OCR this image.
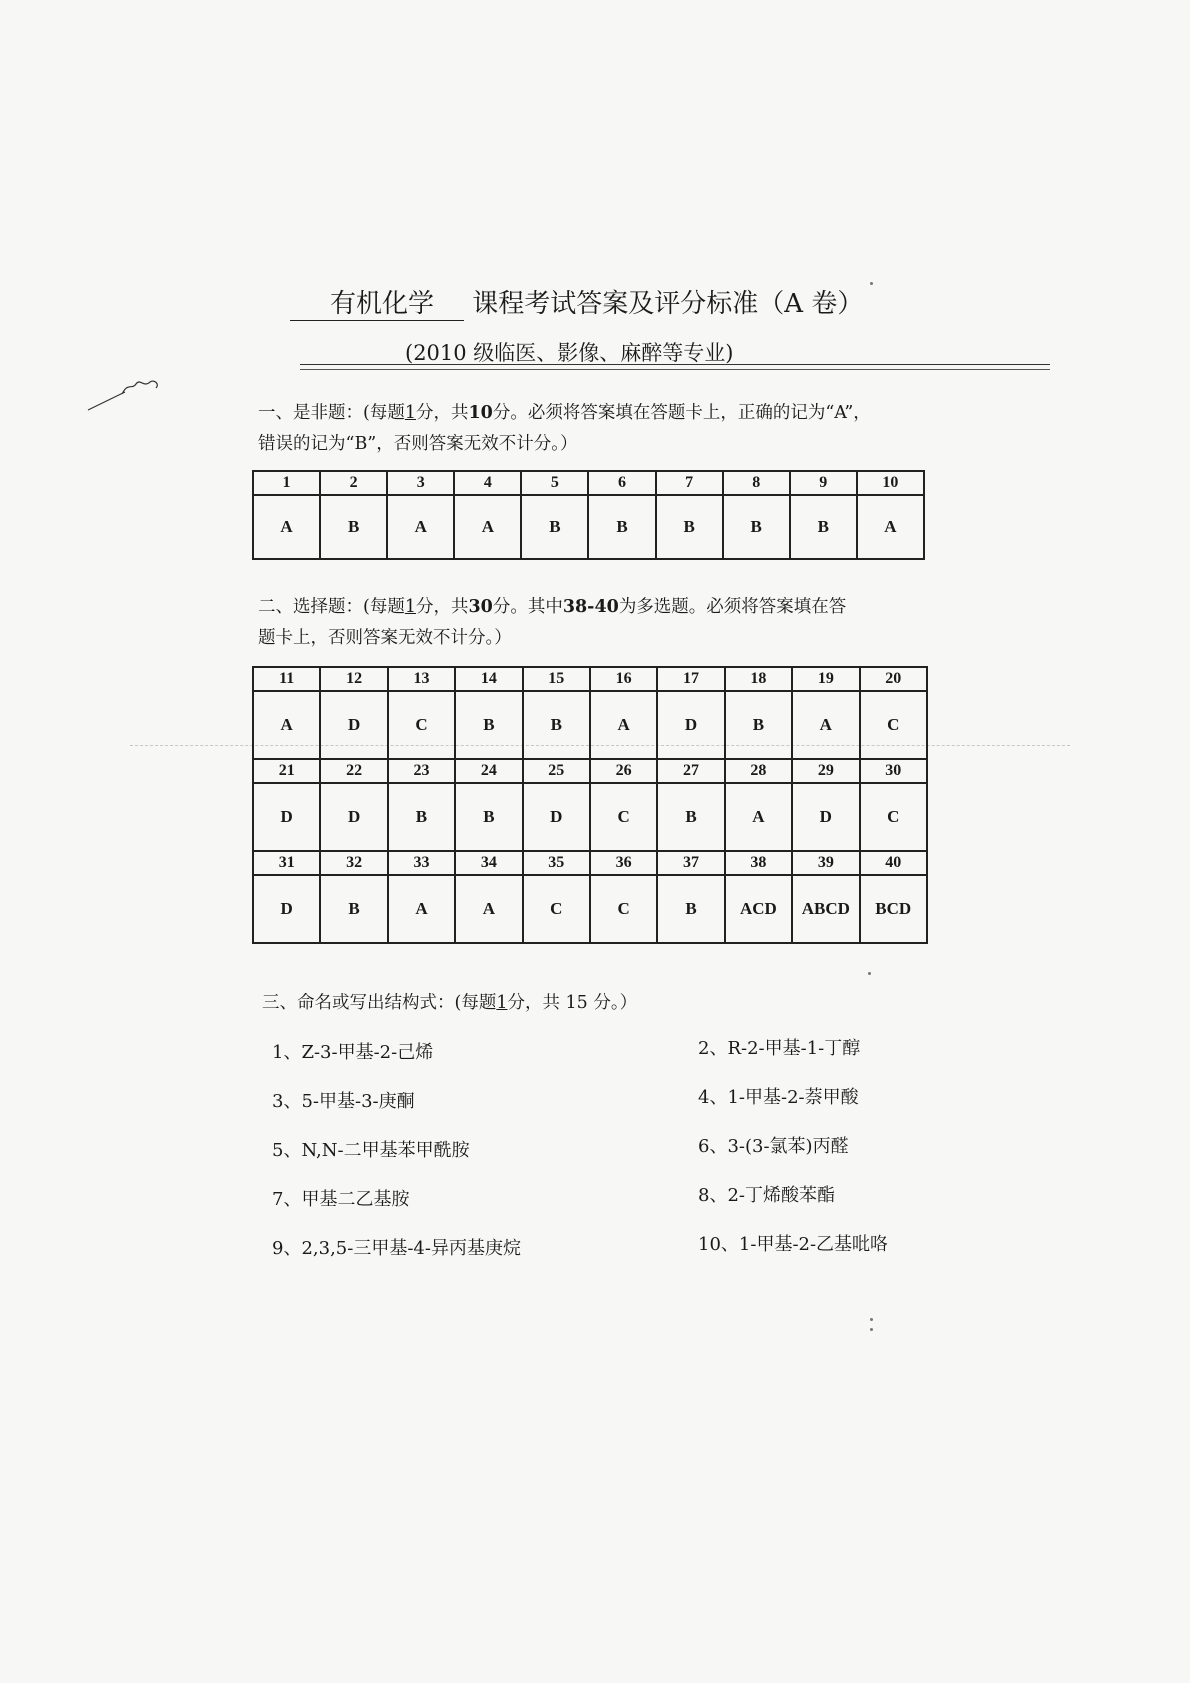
有机化学 课程考试答案及评分标准（A 卷）
(2010 级临医、影像、麻醉等专业)
一、是非题：(每题1分，共10分。必须将答案填在答题卡上，正确的记为“A”，
错误的记为“B”，否则答案无效不计分。）
1	2	3	4	5	6	7	8	9	10
A	B	A	A	B	B	B	B	B	A
二、选择题：(每题1分，共30分。其中38-40为多选题。必须将答案填在答
题卡上，否则答案无效不计分。）
11	12	13	14	15	16	17	18	19	20
A	D	C	B	B	A	D	B	A	C
21	22	23	24	25	26	27	28	29	30
D	D	B	B	D	C	B	A	D	C
31	32	33	34	35	36	37	38	39	40
D	B	A	A	C	C	B	ACD	ABCD	BCD
三、命名或写出结构式：(每题1分，共 15 分。）
1、Z-3-甲基-2-己烯	2、R-2-甲基-1-丁醇
3、5-甲基-3-庚酮	4、1-甲基-2-萘甲酸
5、N,N-二甲基苯甲酰胺	6、3-(3-氯苯)丙醛
7、甲基二乙基胺	8、2-丁烯酸苯酯
9、2,3,5-三甲基-4-异丙基庚烷	10、1-甲基-2-乙基吡咯
